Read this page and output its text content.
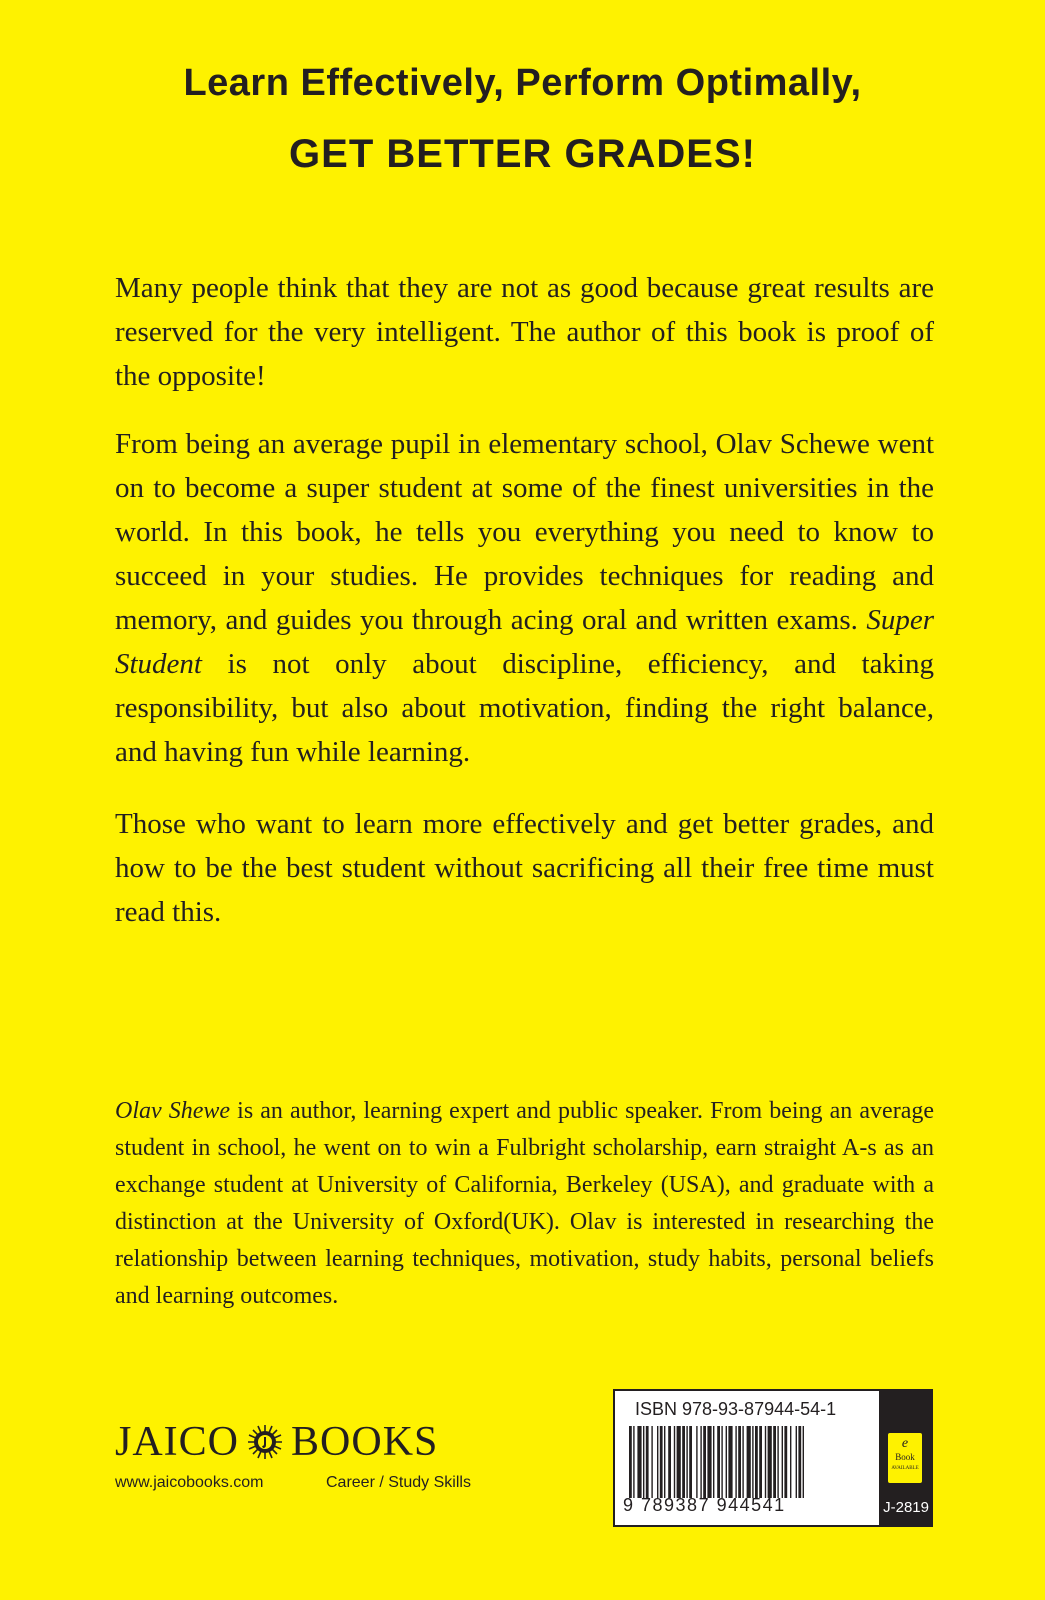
Learn Effectively, Perform Optimally,
GET BETTER GRADES!

Many people think that they are not as good because great results are reserved for the very intelligent. The author of this book is proof of the opposite!

From being an average pupil in elementary school, Olav Schewe went on to become a super student at some of the finest universities in the world. In this book, he tells you everything you need to know to succeed in your studies. He provides techniques for reading and memory, and guides you through acing oral and written exams. Super Student is not only about discipline, efficiency, and taking responsibility, but also about motivation, finding the right balance, and having fun while learning.

Those who want to learn more effectively and get better grades, and how to be the best student without sacrificing all their free time must read this.

Olav Shewe is an author, learning expert and public speaker. From being an average student in school, he went on to win a Fulbright scholarship, earn straight A-s as an exchange student at University of California, Berkeley (USA), and graduate with a distinction at the University of Oxford(UK). Olav is interested in researching the relationship between learning techniques, motivation, study habits, personal beliefs and learning outcomes.

JAICO BOOKS
www.jaicobooks.com	Career / Study Skills
ISBN 978-93-87944-54-1
9 789387 944541
e
Book
AVAILABLE
J-2819
